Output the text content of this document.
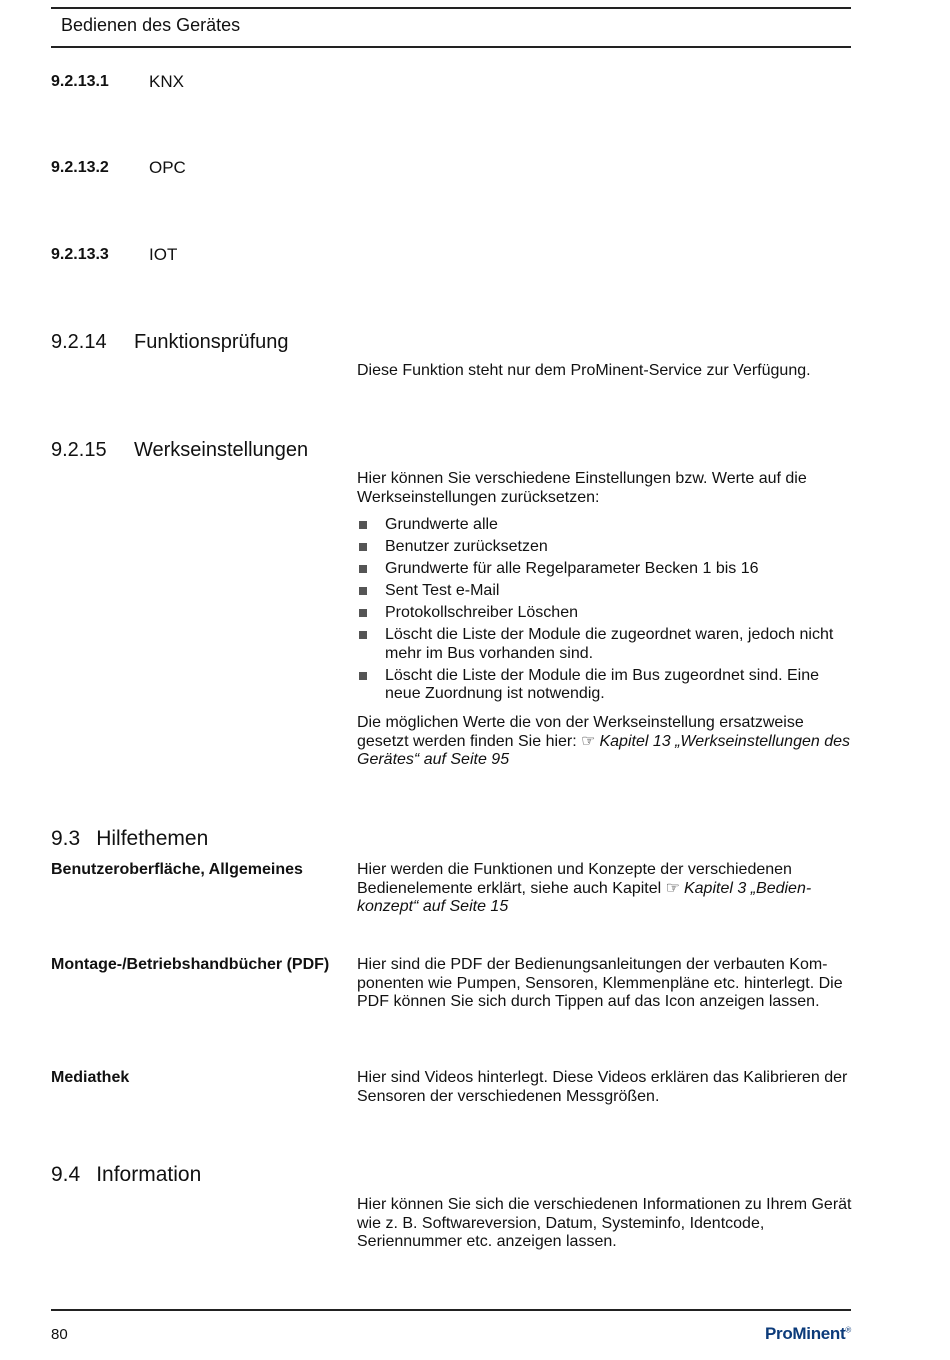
Bedienen des Gerätes
9.2.13.1 KNX
9.2.13.2 OPC
9.2.13.3 IOT
9.2.14 Funktionsprüfung
Diese Funktion steht nur dem ProMinent-Service zur Verfügung.
9.2.15 Werkseinstellungen
Hier können Sie verschiedene Einstellungen bzw. Werte auf die Werkseinstellungen zurücksetzen:
Grundwerte alle
Benutzer zurücksetzen
Grundwerte für alle Regelparameter Becken 1 bis 16
Sent Test e-Mail
Protokollschreiber Löschen
Löscht die Liste der Module die zugeordnet waren, jedoch nicht mehr im Bus vorhanden sind.
Löscht die Liste der Module die im Bus zugeordnet sind. Eine neue Zuordnung ist notwendig.
Die möglichen Werte die von der Werkseinstellung ersatzweise gesetzt werden finden Sie hier: ☞ Kapitel 13 „Werkseinstellungen des Gerätes“ auf Seite 95
9.3 Hilfethemen
Benutzeroberfläche, Allgemeines	Hier werden die Funktionen und Konzepte der verschiedenen Bedienelemente erklärt, siehe auch Kapitel ☞ Kapitel 3 „Bedien-konzept“ auf Seite 15
Montage-/Betriebshandbücher (PDF) Hier sind die PDF der Bedienungsanleitungen der verbauten Kom-ponenten wie Pumpen, Sensoren, Klemmenpläne etc. hinterlegt. Die PDF können Sie sich durch Tippen auf das Icon anzeigen lassen.
Mediathek	Hier sind Videos hinterlegt. Diese Videos erklären das Kalibrieren der Sensoren der verschiedenen Messgrößen.
9.4 Information
Hier können Sie sich die verschiedenen Informationen zu Ihrem Gerät wie z. B. Softwareversion, Datum, Systeminfo, Identcode, Seriennummer etc. anzeigen lassen.
80	ProMinent®
